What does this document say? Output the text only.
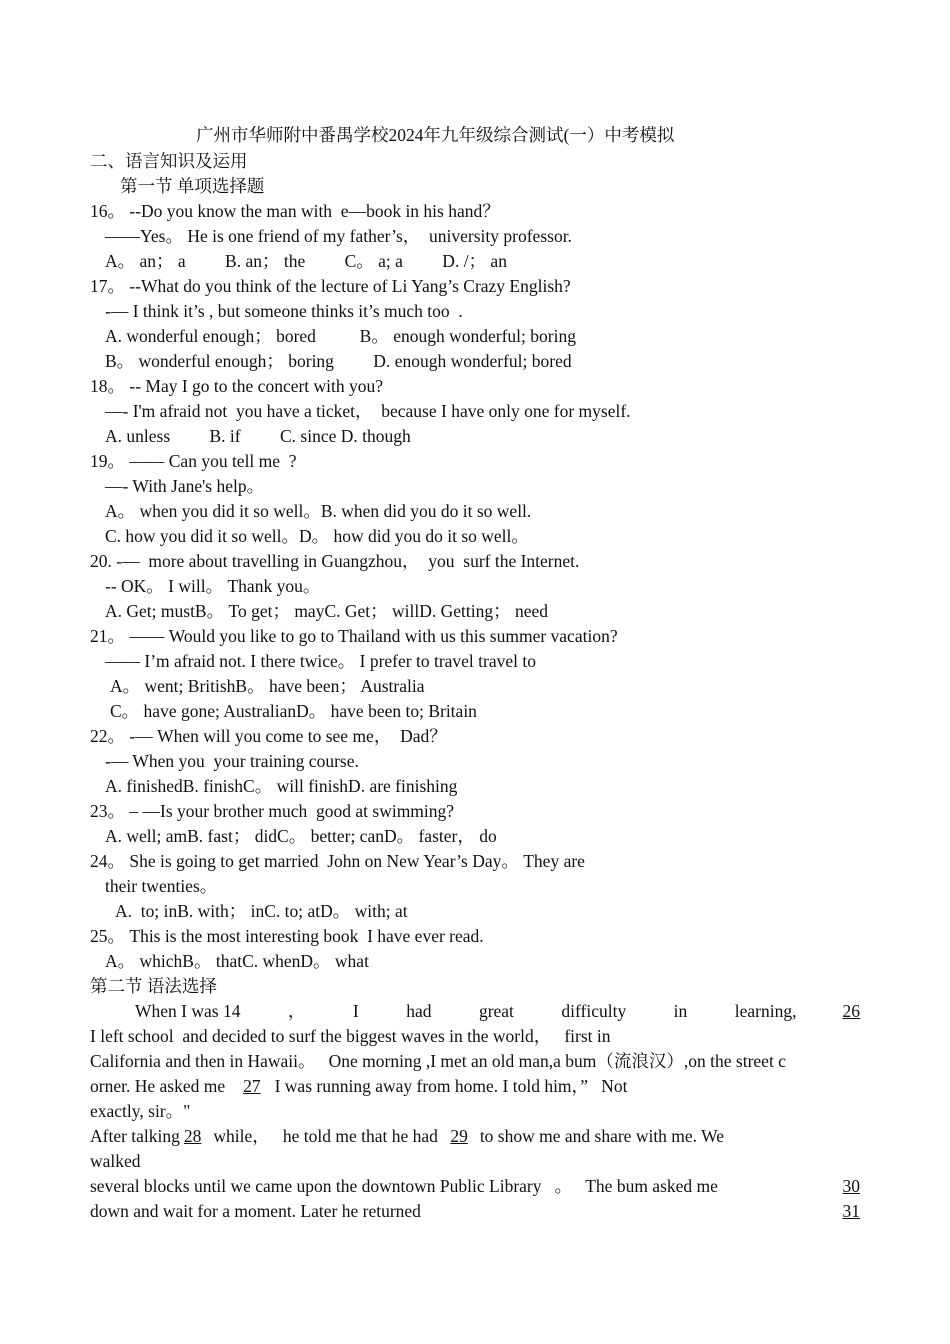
广州市华师附中番禺学校2024年九年级综合测试(一）中考模拟
二、语言知识及运用
第一节 单项选择题
16。 --Do you know the man with  e—book in his hand？
——Yes。 He is one friend of my father’s，  university professor.
A。 an； a         B. an； the         C。 a; a         D. /； an
17。 --What do you think of the lecture of Li Yang’s Crazy English?
-— I think it’s , but someone thinks it’s much too  .
A. wonderful enough； bored          B。 enough wonderful; boring
B。 wonderful enough； boring         D. enough wonderful; bored
18。 -- May I go to the concert with you?
—- I'm afraid not  you have a ticket，  because I have only one for myself.
A. unless         B. if         C. since D. though
19。 —— Can you tell me  ?
—- With Jane's help。
A。 when you did it so well。B. when did you do it so well.
C. how you did it so well。D。 how did you do it so well。
20. -—  more about travelling in Guangzhou，  you  surf the Internet.
-- OK。 I will。 Thank you。
A. Get; mustB。 To get； mayC. Get； willD. Getting； need
21。 —— Would you like to go to Thailand with us this summer vacation?
—— I’m afraid not. I there twice。 I prefer to travel travel to
A。 went; BritishB。 have been； Australia
C。 have gone; AustralianD。 have been to; Britain
22。 -— When will you come to see me，  Dad？
-— When you  your training course.
A. finishedB. finishC。 will finishD. are finishing
23。 – —Is your brother much  good at swimming?
A. well; amB. fast； didC。 better; canD。 faster， do
24。 She is going to get married  John on New Year’s Day。 They are
their twenties。
A.  to; inB. with； inC. to; atD。 with; at
25。 This is the most interesting book  I have ever read.
A。 whichB。 thatC. whenD。 what
第二节 语法选择
When I was 14	，	I	had	great	difficulty	in	learning,	26
I left school  and decided to surf the biggest waves in the world，   first in
California and then in Hawaii。   One morning ,I met an old man,a bum（流浪汉）,on the street c
orner. He asked me 27 I was running away from home. I told him，”   Not
exactly, sir。"
After talking 28 while，   he told me that he had 29 to show me and share with me. We
walked
several blocks until we came upon the downtown Public Library   。   The bum asked me	30
down and wait for a moment. Later he returned	31
